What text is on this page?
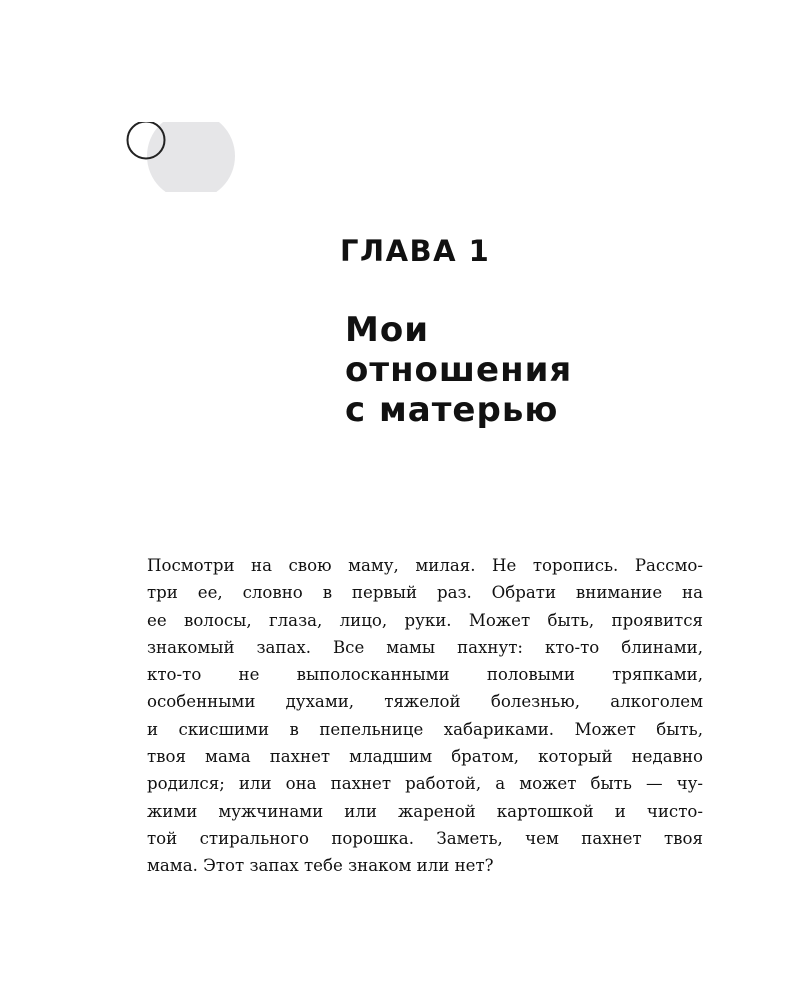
ГЛАВА 1
Мои
отношения
с матерью

Посмотри на свою маму, милая. Не торопись. Рассмо-
три ее, словно в первый раз. Обрати внимание на
ее волосы, глаза, лицо, руки. Может быть, проявится
знакомый запах. Все мамы пахнут: кто-то блинами,
кто-то не выполосканными половыми тряпками,
особенными духами, тяжелой болезнью, алкоголем
и скисшими в пепельнице хабариками. Может быть,
твоя мама пахнет младшим братом, который недавно
родился; или она пахнет работой, а может быть — чу-
жими мужчинами или жареной картошкой и чисто-
той стирального порошка. Заметь, чем пахнет твоя
мама. Этот запах тебе знаком или нет?
